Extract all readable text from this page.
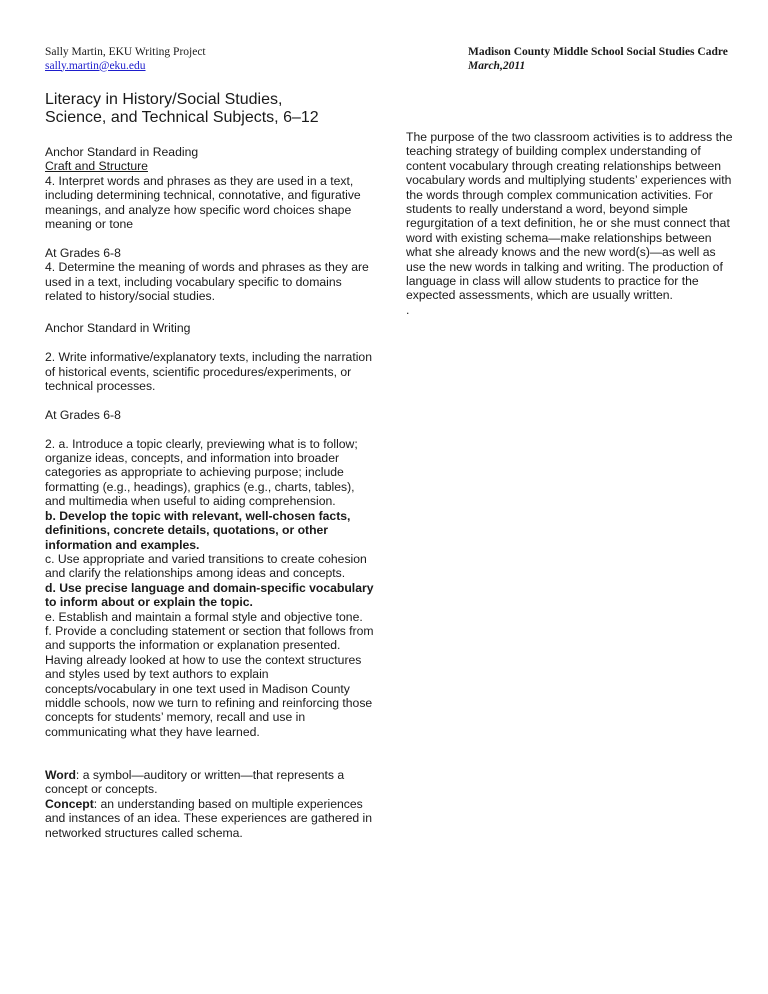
Sally Martin, EKU Writing Project
sally.martin@eku.edu
Literacy in History/Social Studies,
Science, and Technical Subjects, 6–12

Anchor Standard in Reading

Craft and Structure

4. Interpret words and phrases as they are used in a text, including determining technical, connotative, and figurative meanings, and analyze how specific word choices shape meaning or tone

At Grades 6-8

4. Determine the meaning of words and phrases as they are used in a text, including vocabulary specific to domains related to history/social studies.

Anchor Standard in Writing

2. Write informative/explanatory texts, including the narration of historical events, scientific procedures/experiments, or technical processes.

At Grades 6-8

2. a. Introduce a topic clearly, previewing what is to follow; organize ideas, concepts, and information into broader categories as appropriate to achieving purpose; include formatting (e.g., headings), graphics (e.g., charts, tables), and multimedia when useful to aiding comprehension.

b. Develop the topic with relevant, well-chosen facts, definitions, concrete details, quotations, or other information and examples.

c. Use appropriate and varied transitions to create cohesion and clarify the relationships among ideas and concepts.

d. Use precise language and domain-specific vocabulary to inform about or explain the topic.

e. Establish and maintain a formal style and objective tone.

f. Provide a concluding statement or section that follows from and supports the information or explanation presented.

Having already looked at how to use the context structures and styles used by text authors to explain concepts/vocabulary in one text used in Madison County middle schools, now we turn to refining and reinforcing those concepts for students’ memory, recall and use in communicating what they have learned.

Word: a symbol—auditory or written—that represents a concept or concepts.

Concept: an understanding based on multiple experiences and instances of an idea. These experiences are gathered in networked structures called schema.

Madison County Middle School Social Studies Cadre
March,2011

The purpose of the two classroom activities is to address the teaching strategy of building complex understanding of content vocabulary through creating relationships between vocabulary words and multiplying students’ experiences with the words through complex communication activities. For students to really understand a word, beyond simple regurgitation of a text definition, he or she must connect that word with existing schema—make relationships between what she already knows and the new word(s)—as well as use the new words in talking and writing. The production of language in class will allow students to practice for the expected assessments, which are usually written.

.
